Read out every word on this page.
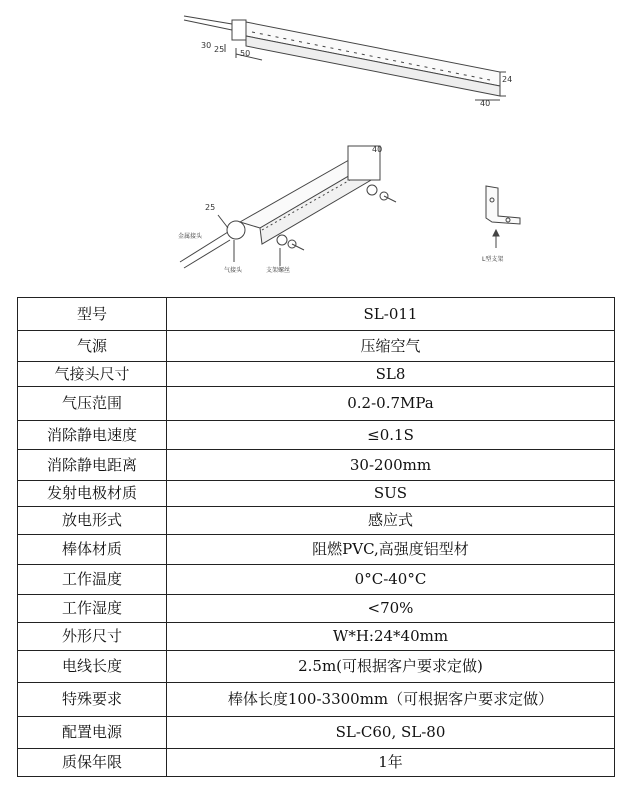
30 25 50
24
40
40
25
金属接头
气接头	支架螺丝
L型支架
型号	SL-011
气源	压缩空气
气接头尺寸	SL8
气压范围	0.2-0.7MPa
消除静电速度	≤0.1S
消除静电距离	30-200mm
发射电极材质	SUS
放电形式	感应式
棒体材质	阻燃PVC,高强度铝型材
工作温度	0°C-40°C
工作湿度	<70%
外形尺寸	W*H:24*40mm
电线长度	2.5m(可根据客户要求定做)
特殊要求	棒体长度100-3300mm（可根据客户要求定做）
配置电源	SL-C60, SL-80
质保年限	1年
